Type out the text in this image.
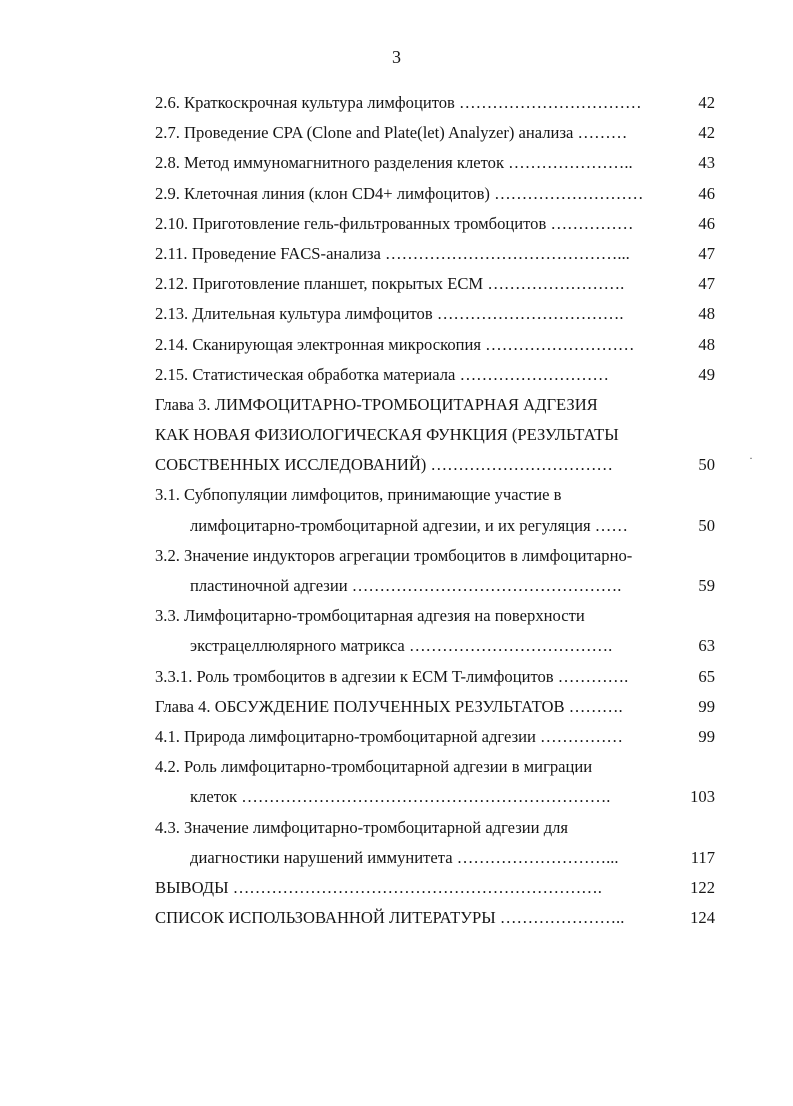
3
2.6. Краткоскрочная культура лимфоцитов ……………………………	42
2.7. Проведение CPA (Clone and Plate(let) Analyzer) анализа ………	42
2.8. Метод иммуномагнитного разделения клеток …………………..	43
2.9. Клеточная линия (клон CD4+ лимфоцитов) ………………………	46
2.10. Приготовление гель-фильтрованных тромбоцитов ……………	46
2.11. Проведение FACS-анализа ……………………………………...	47
2.12. Приготовление планшет, покрытых ECM …………………….	47
2.13. Длительная культура лимфоцитов …………………………….	48
2.14. Сканирующая электронная микроскопия ………………………	48
2.15. Статистическая обработка материала ………………………	49
Глава 3. ЛИМФОЦИТАРНО-ТРОМБОЦИТАРНАЯ АДГЕЗИЯ
КАК НОВАЯ ФИЗИОЛОГИЧЕСКАЯ ФУНКЦИЯ (РЕЗУЛЬТАТЫ
СОБСТВЕННЫХ ИССЛЕДОВАНИЙ) ……………………………	50
3.1. Субпопуляции лимфоцитов, принимающие участие в
лимфоцитарно-тромбоцитарной адгезии, и их регуляция ……	50
3.2. Значение индукторов агрегации тромбоцитов в лимфоцитарно-
пластиночной адгезии ………………………………………….	59
3.3. Лимфоцитарно-тромбоцитарная адгезия на поверхности
экстрацеллюлярного матрикса ……………………………….	63
3.3.1. Роль тромбоцитов в адгезии к ECM T-лимфоцитов ………….	65
Глава 4. ОБСУЖДЕНИЕ ПОЛУЧЕННЫХ РЕЗУЛЬТАТОВ ……….	99
4.1. Природа лимфоцитарно-тромбоцитарной адгезии ……………	99
4.2. Роль лимфоцитарно-тромбоцитарной адгезии в миграции
клеток ………………………………………………………….	103
4.3. Значение лимфоцитарно-тромбоцитарной адгезии для
диагностики нарушений иммунитета ………………………...	117
ВЫВОДЫ ………………………………………………………….	122
СПИСОК ИСПОЛЬЗОВАННОЙ ЛИТЕРАТУРЫ …………………..	124
·
